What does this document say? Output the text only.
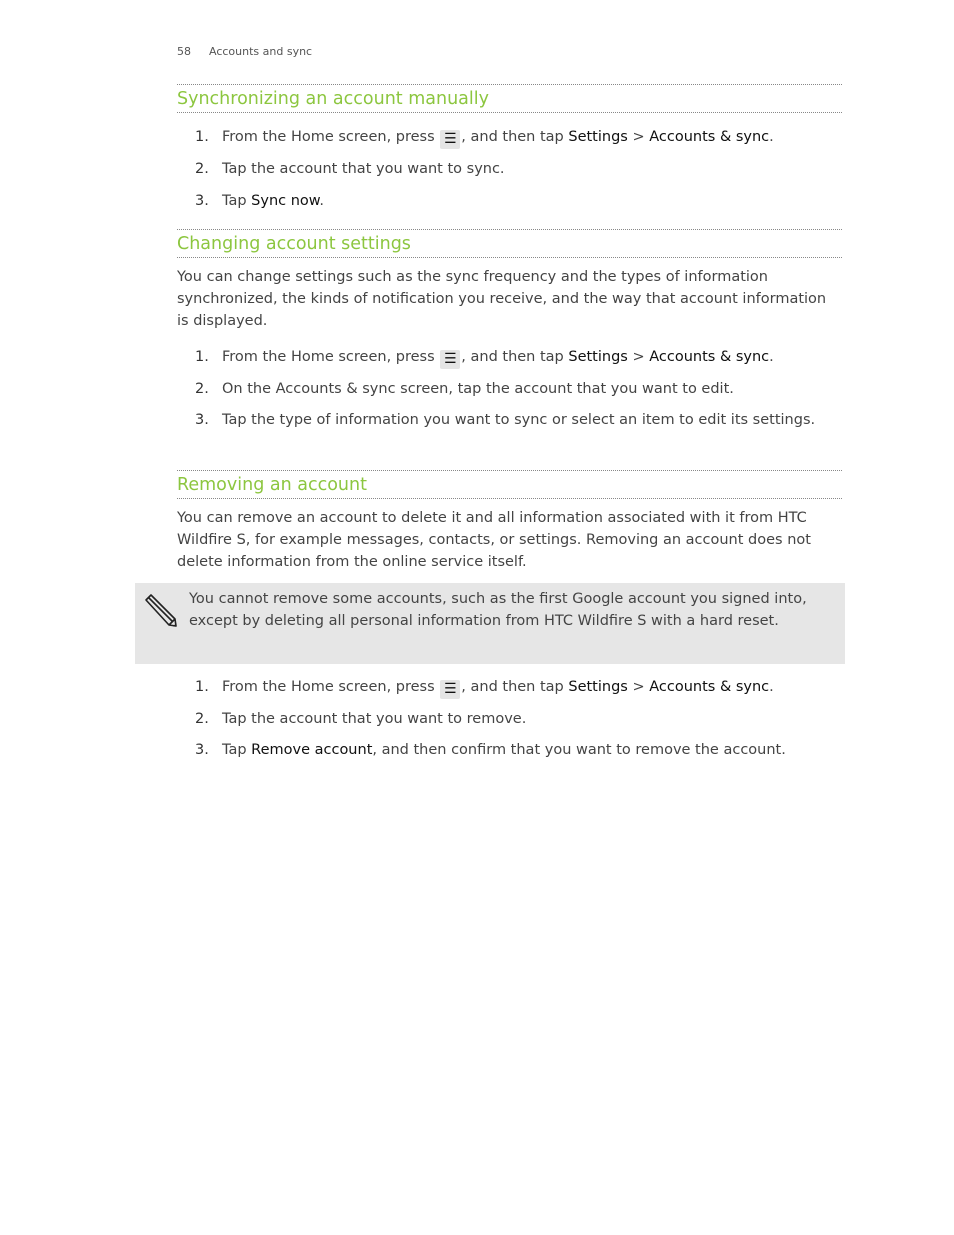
58 Accounts and sync
Synchronizing an account manually
1. From the Home screen, press ☰ , and then tap Settings > Accounts & sync.
2. Tap the account that you want to sync.
3. Tap Sync now.
Changing account settings

You can change settings such as the sync frequency and the types of information synchronized, the kinds of notification you receive, and the way that account information is displayed.

1. From the Home screen, press ☰ , and then tap Settings > Accounts & sync.
2. On the Accounts & sync screen, tap the account that you want to edit.
3. Tap the type of information you want to sync or select an item to edit its settings.
Removing an account

You can remove an account to delete it and all information associated with it from HTC Wildfire S, for example messages, contacts, or settings. Removing an account does not delete information from the online service itself.

You cannot remove some accounts, such as the first Google account you signed into, except by deleting all personal information from HTC Wildfire S with a hard reset.

1. From the Home screen, press ☰ , and then tap Settings > Accounts & sync.
2. Tap the account that you want to remove.
3. Tap Remove account, and then confirm that you want to remove the account.
